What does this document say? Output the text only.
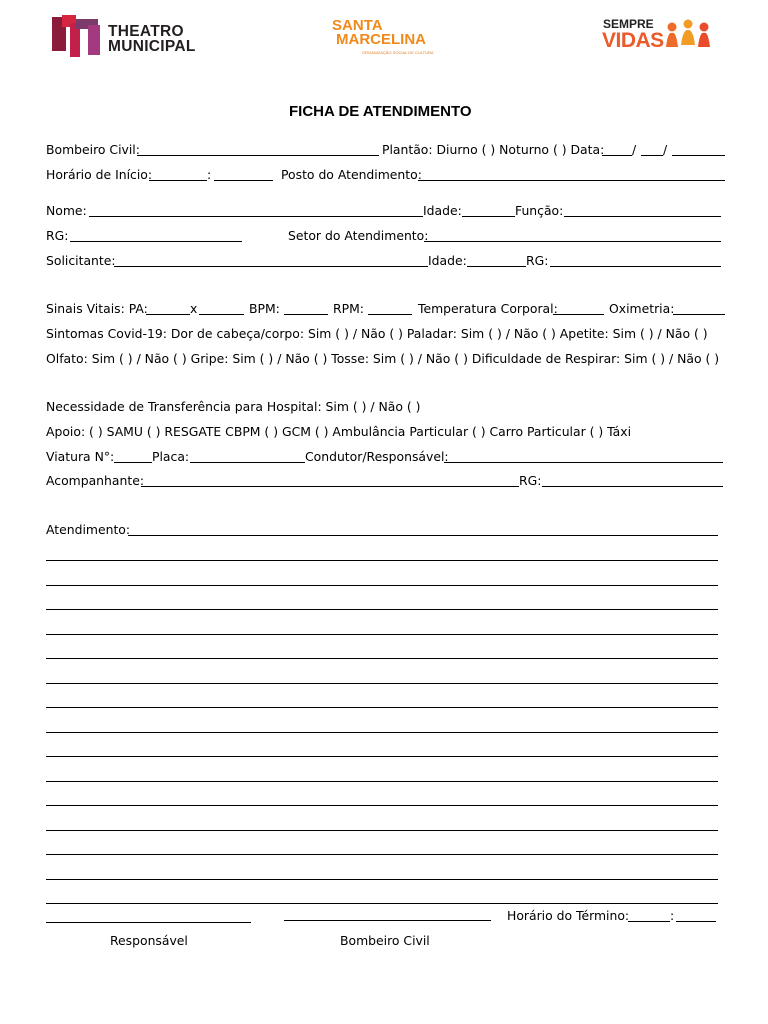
THEATRO
MUNICIPAL
SANTA
MARCELINA
ORGANIZAÇÃO SOCIAL DE CULTURA
SEMPRE
VIDAS
FICHA DE ATENDIMENTO
Bombeiro Civil:	Plantão: Diurno ( ) Noturno ( ) Data: / /
Horário de Início:	:	Posto do Atendimento:
Nome:	Idade:	Função:
RG:	Setor do Atendimento:
Solicitante:	Idade:	RG:
Sinais Vitais: PA:	x	BPM:	RPM:	Temperatura Corporal:	Oximetria:
Sintomas Covid-19: Dor de cabeça/corpo: Sim ( ) / Não ( ) Paladar: Sim ( ) / Não ( ) Apetite: Sim ( ) / Não ( )
Olfato: Sim ( ) / Não ( ) Gripe: Sim ( ) / Não ( ) Tosse: Sim ( ) / Não ( ) Dificuldade de Respirar: Sim ( ) / Não ( )
Necessidade de Transferência para Hospital: Sim ( ) / Não ( )
Apoio: ( ) SAMU ( ) RESGATE CBPM ( ) GCM ( ) Ambulância Particular ( ) Carro Particular ( ) Táxi
Viatura N°:	Placa:	Condutor/Responsável:
Acompanhante:	RG:
Atendimento:
Horário do Término:	:
Responsável	Bombeiro Civil
